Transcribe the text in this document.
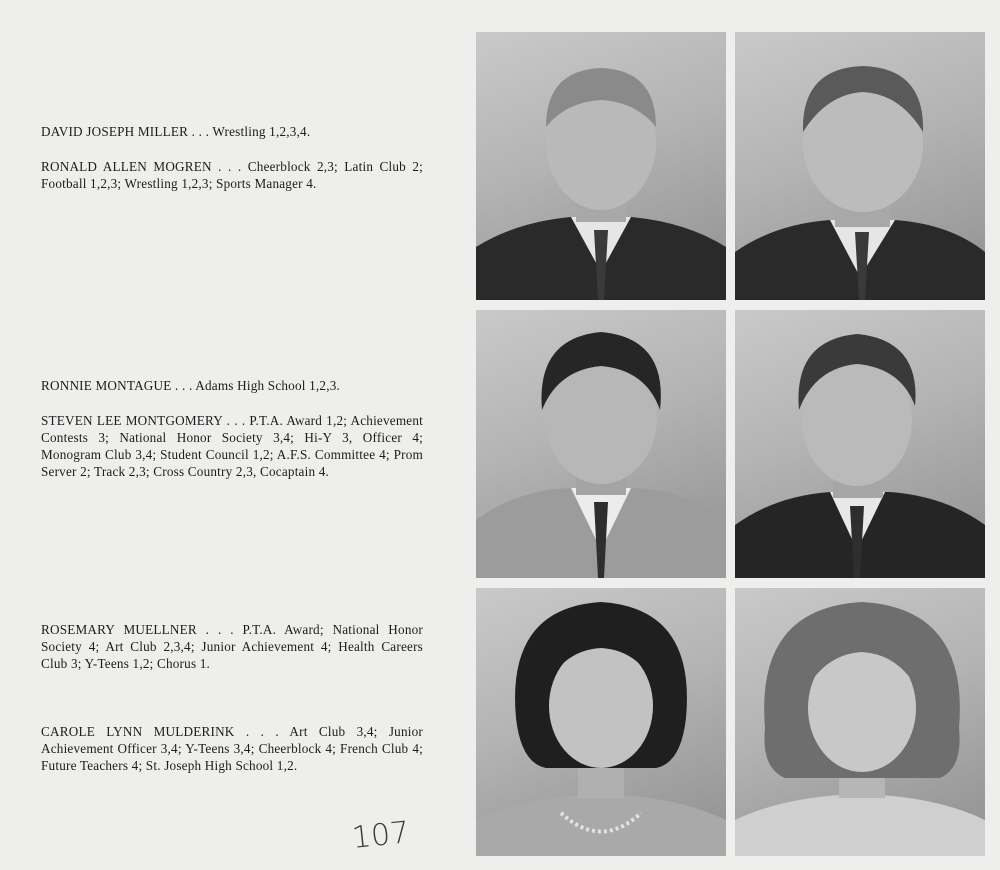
DAVID JOSEPH MILLER . . . Wrestling 1,2,3,4.

RONALD ALLEN MOGREN . . . Cheerblock 2,3; Latin Club 2; Football 1,2,3; Wrestling 1,2,3; Sports Manager 4.

RONNIE MONTAGUE . . . Adams High School 1,2,3.

STEVEN LEE MONTGOMERY . . . P.T.A. Award 1,2; Achievement Contests 3; National Honor Society 3,4; Hi-Y 3, Officer 4; Monogram Club 3,4; Student Council 1,2; A.F.S. Committee 4; Prom Server 2; Track 2,3; Cross Country 2,3, Cocaptain 4.

ROSEMARY MUELLNER . . . P.T.A. Award; National Honor Society 4; Art Club 2,3,4; Junior Achievement 4; Health Careers Club 3; Y-Teens 1,2; Chorus 1.

CAROLE LYNN MULDERINK . . . Art Club 3,4; Junior Achievement Officer 3,4; Y-Teens 3,4; Cheerblock 4; French Club 4; Future Teachers 4; St. Joseph High School 1,2.

107
